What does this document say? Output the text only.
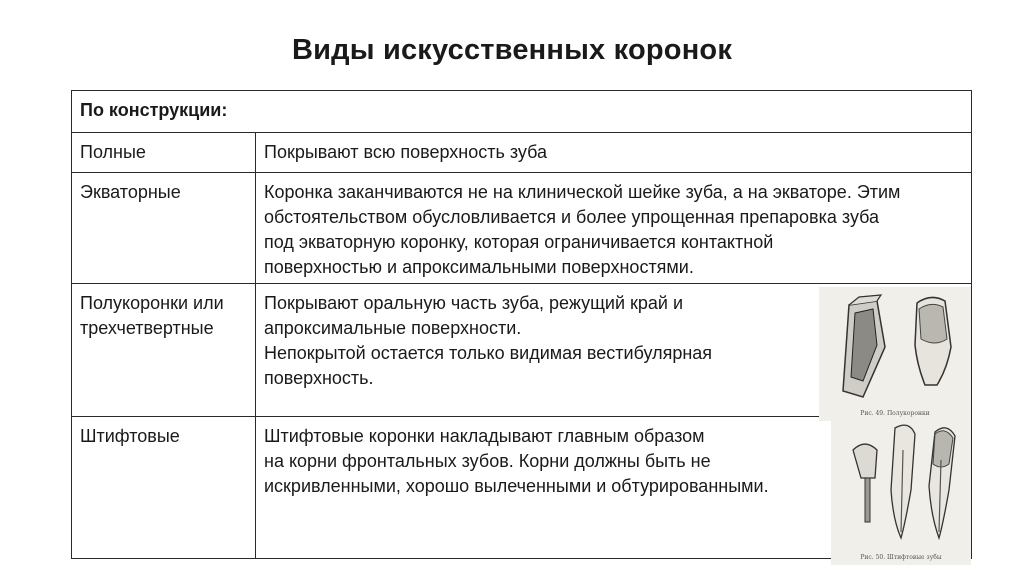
Виды искусственных коронок
По конструкции:	

Полные	Покрывают всю поверхность зуба

Экваторные	Коронка заканчиваются не на клинической шейке зуба, а на экваторе. Этим
обстоятельством обусловливается и более упрощенная препаровка зуба
под экваторную коронку, которая ограничивается контактной
поверхностью и апроксимальными поверхностями.

Полукоронки или
трехчетвертные	Покрывают оральную часть зуба, режущий край и
апроксимальные поверхности.
Непокрытой остается только видимая вестибулярная
поверхность.
Рис. 49. Полукоронки

Штифтовые	Штифтовые коронки накладывают главным образом
на корни фронтальных зубов. Корни должны быть не
искривленными, хорошо вылеченными и обтурированными.
Рис. 50. Штифтовые зубы
